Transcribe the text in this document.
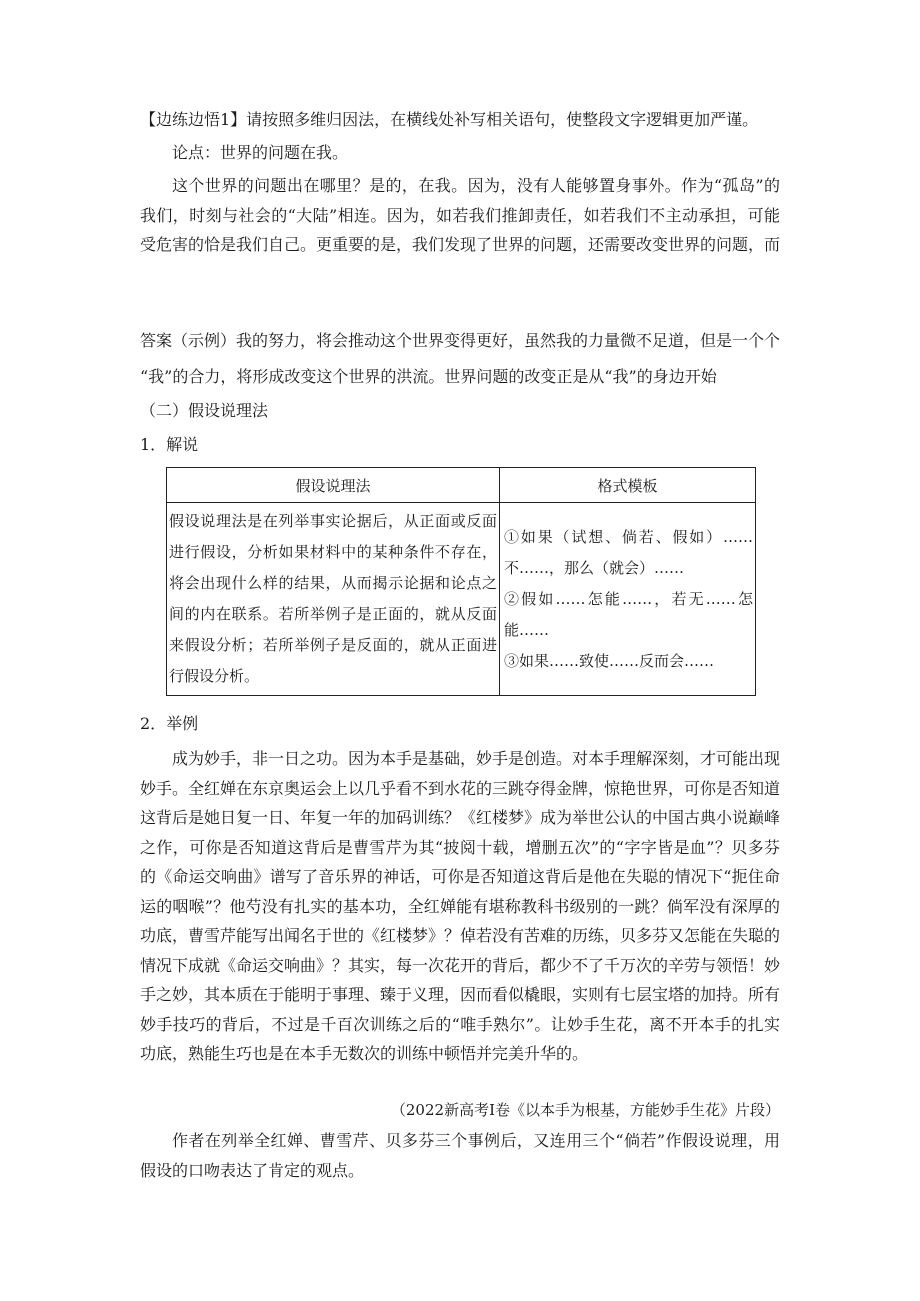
【边练边悟1】请按照多维归因法，在横线处补写相关语句，使整段文字逻辑更加严谨。
论点：世界的问题在我。
这个世界的问题出在哪里？是的，在我。因为，没有人能够置身事外。作为“孤岛”的我们，时刻与社会的“大陆”相连。因为，如若我们推卸责任，如若我们不主动承担，可能受危害的恰是我们自己。更重要的是，我们发现了世界的问题，还需要改变世界的问题，而
答案（示例）我的努力，将会推动这个世界变得更好，虽然我的力量微不足道，但是一个个
“我”的合力，将形成改变这个世界的洪流。世界问题的改变正是从“我”的身边开始
（二）假设说理法
1．解说
假设说理法	格式模板
假设说理法是在列举事实论据后，从正面或反面进行假设，分析如果材料中的某种条件不存在，将会出现什么样的结果，从而揭示论据和论点之间的内在联系。若所举例子是正面的，就从反面来假设分析；若所举例子是反面的，就从正面进行假设分析。	①如果（试想、倘若、假如）……不……，那么（就会）……
②假如……怎能……，若无……怎能……
③如果……致使……反而会……
2．举例
成为妙手，非一日之功。因为本手是基础，妙手是创造。对本手理解深刻，才可能出现妙手。全红婵在东京奥运会上以几乎看不到水花的三跳夺得金牌，惊艳世界，可你是否知道这背后是她日复一日、年复一年的加码训练？《红楼梦》成为举世公认的中国古典小说巅峰之作，可你是否知道这背后是曹雪芹为其“披阅十载，增删五次”的“字字皆是血”？贝多芬的《命运交响曲》谱写了音乐界的神话，可你是否知道这背后是他在失聪的情况下“扼住命运的咽喉”？他芍没有扎实的基本功，全红婵能有堪称教科书级别的一跳？倘军没有深厚的功底，曹雪芹能写出闻名于世的《红楼梦》？倬若没有苦难的历练，贝多芬又怎能在失聪的情况下成就《命运交响曲》？其实，每一次花开的背后，都少不了千万次的辛劳与领悟！妙手之妙，其本质在于能明于事理、臻于义理，因而看似橇眼，实则有七层宝塔的加持。所有妙手技巧的背后，不过是千百次训练之后的“唯手熟尔”。让妙手生花，离不开本手的扎实功底，熟能生巧也是在本手无数次的训练中顿悟并完美升华的。
（2022新高考Ⅰ卷《以本手为根基，方能妙手生花》片段）
作者在列举全红婵、曹雪芹、贝多芬三个事例后，又连用三个“倘若”作假设说理，用假设的口吻表达了肯定的观点。
